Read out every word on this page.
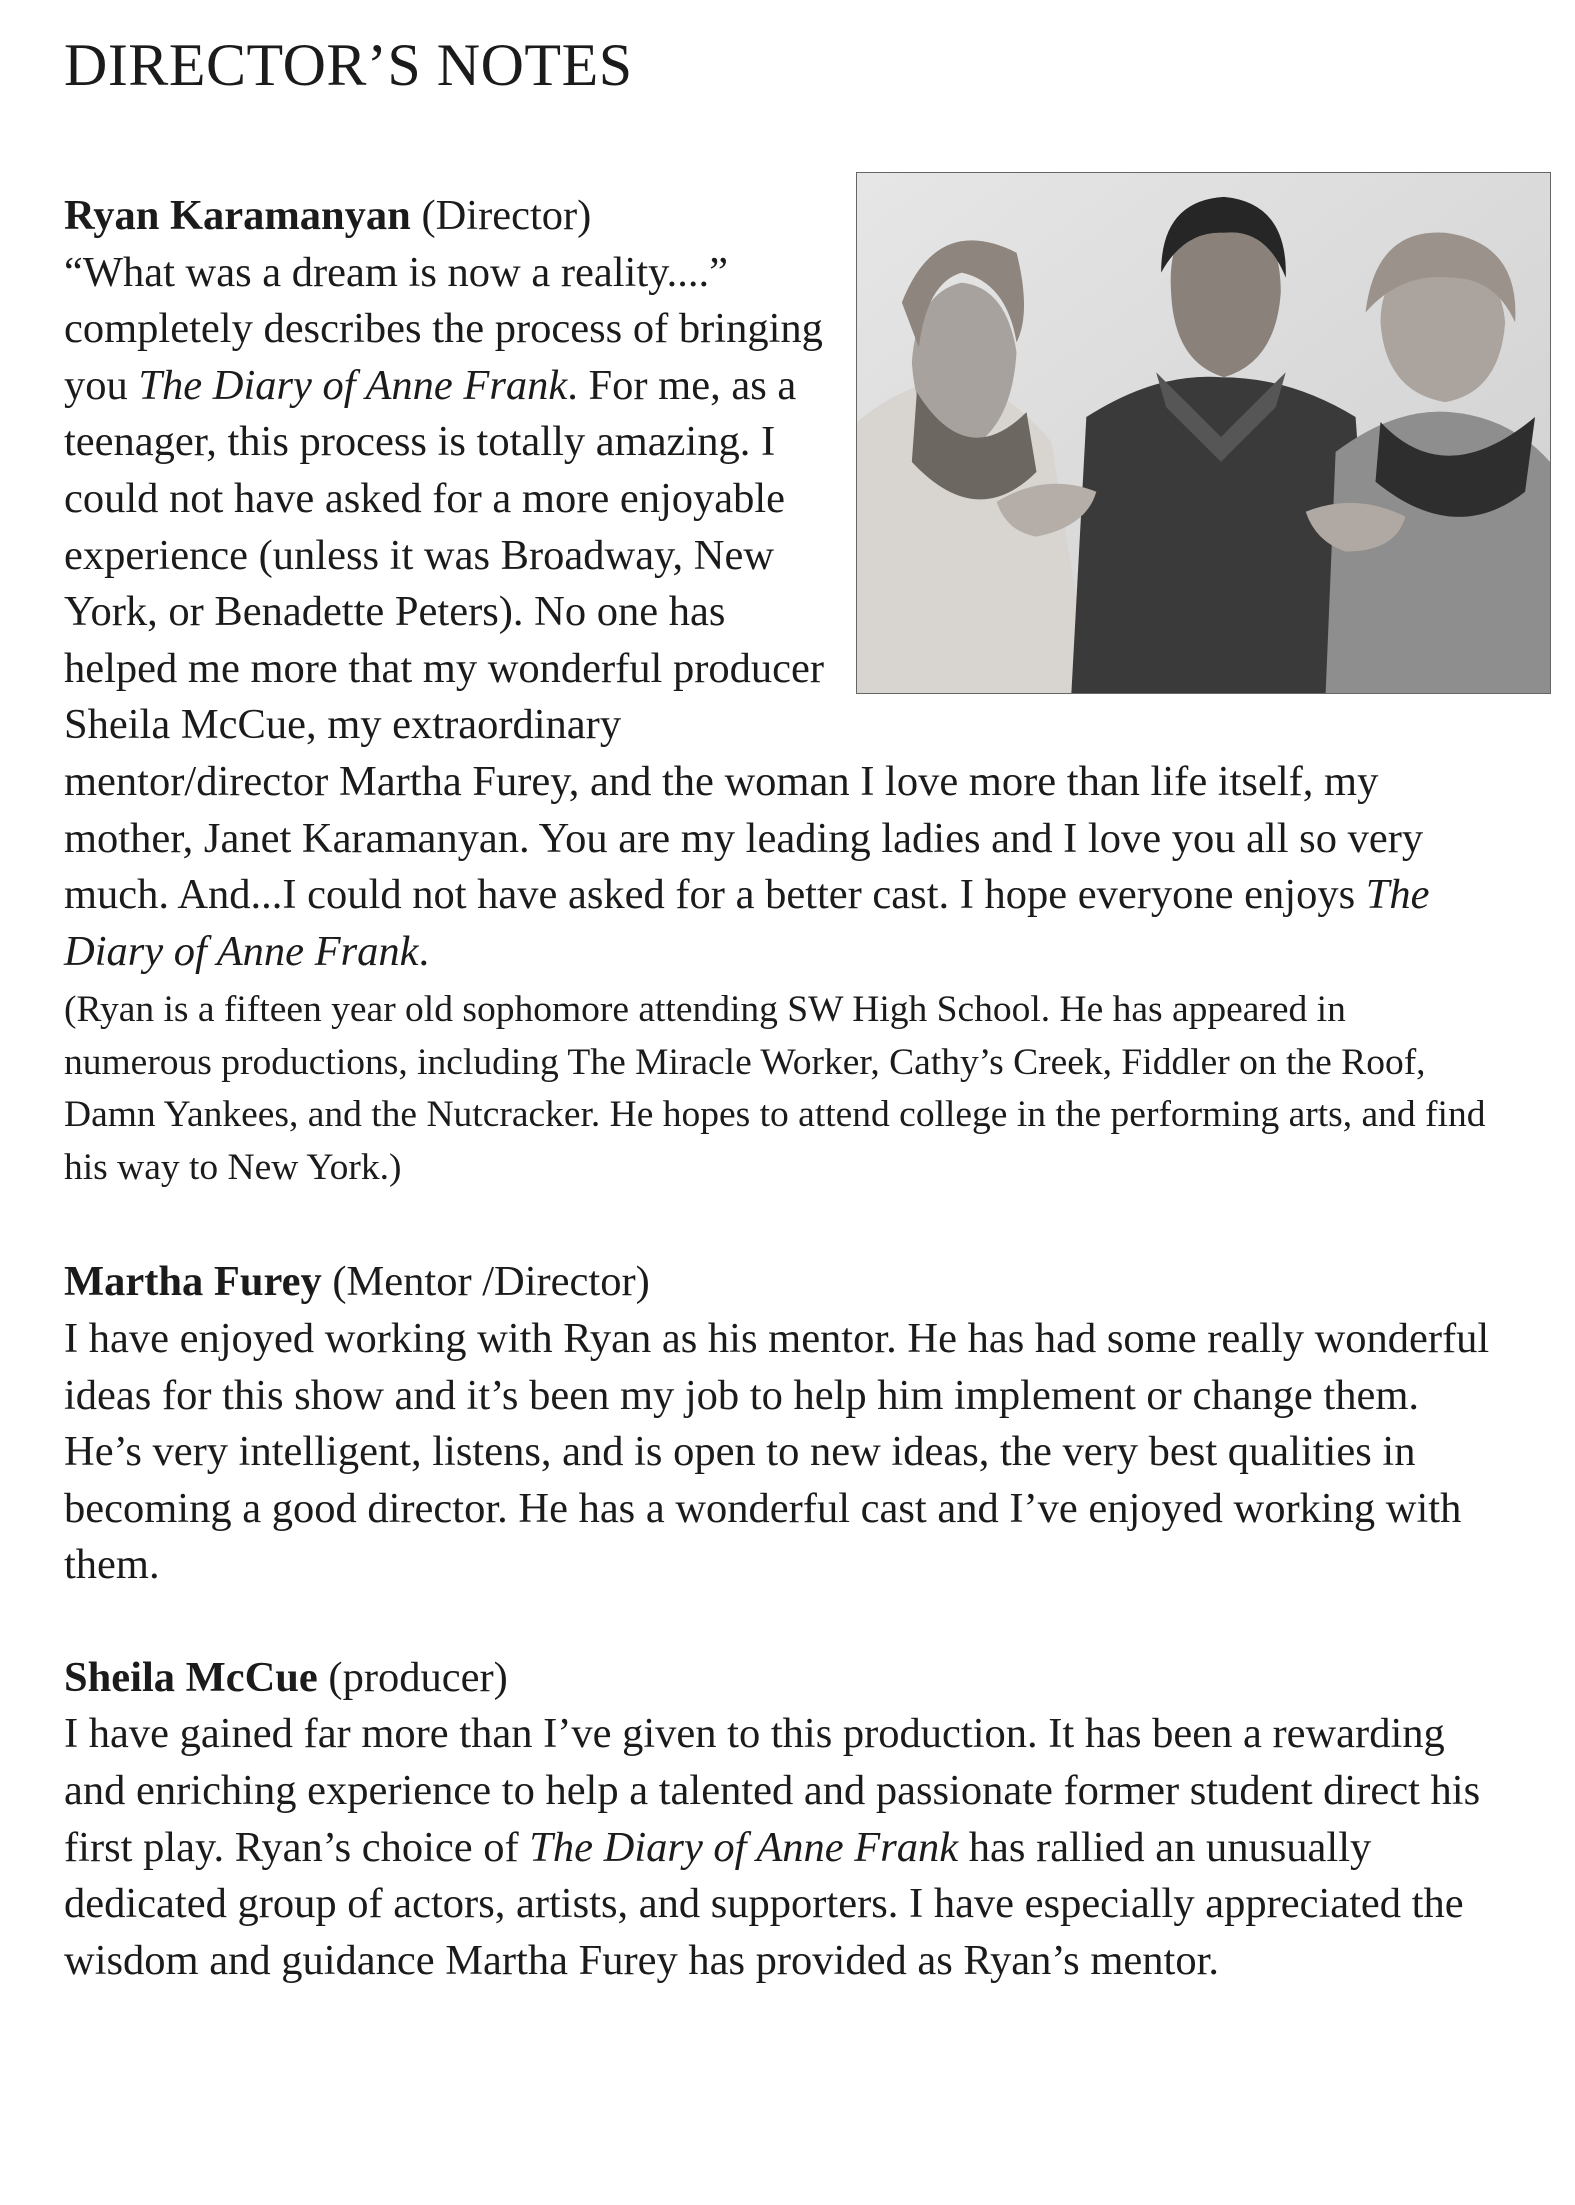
DIRECTOR’S NOTES

Ryan Karamanyan (Director)

“What was a dream is now a reality....” completely describes the process of bringing you The Diary of Anne Frank. For me, as a teenager, this process is totally amazing. I could not have asked for a more enjoyable experience (unless it was Broadway, New York, or Benadette Peters). No one has helped me more that my wonderful producer Sheila McCue, my extraordinary mentor/director Martha Furey, and the woman I love more than life itself, my mother, Janet Karamanyan. You are my leading ladies and I love you all so very much. And...I could not have asked for a better cast. I hope everyone enjoys The Diary of Anne Frank.

(Ryan is a fifteen year old sophomore attending SW High School. He has appeared in numerous productions, including The Miracle Worker, Cathy’s Creek, Fiddler on the Roof, Damn Yankees, and the Nutcracker. He hopes to attend college in the performing arts, and find his way to New York.)

Martha Furey (Mentor /Director)

I have enjoyed working with Ryan as his mentor. He has had some really wonderful ideas for this show and it’s been my job to help him implement or change them. He’s very intelligent, listens, and is open to new ideas, the very best qualities in becoming a good director. He has a wonderful cast and I’ve enjoyed working with them.

Sheila McCue (producer)

I have gained far more than I’ve given to this production. It has been a rewarding and enriching experience to help a talented and passionate former student direct his first play. Ryan’s choice of The Diary of Anne Frank has rallied an unusually dedicated group of actors, artists, and supporters. I have especially appreciated the wisdom and guidance Martha Furey has provided as Ryan’s mentor.
